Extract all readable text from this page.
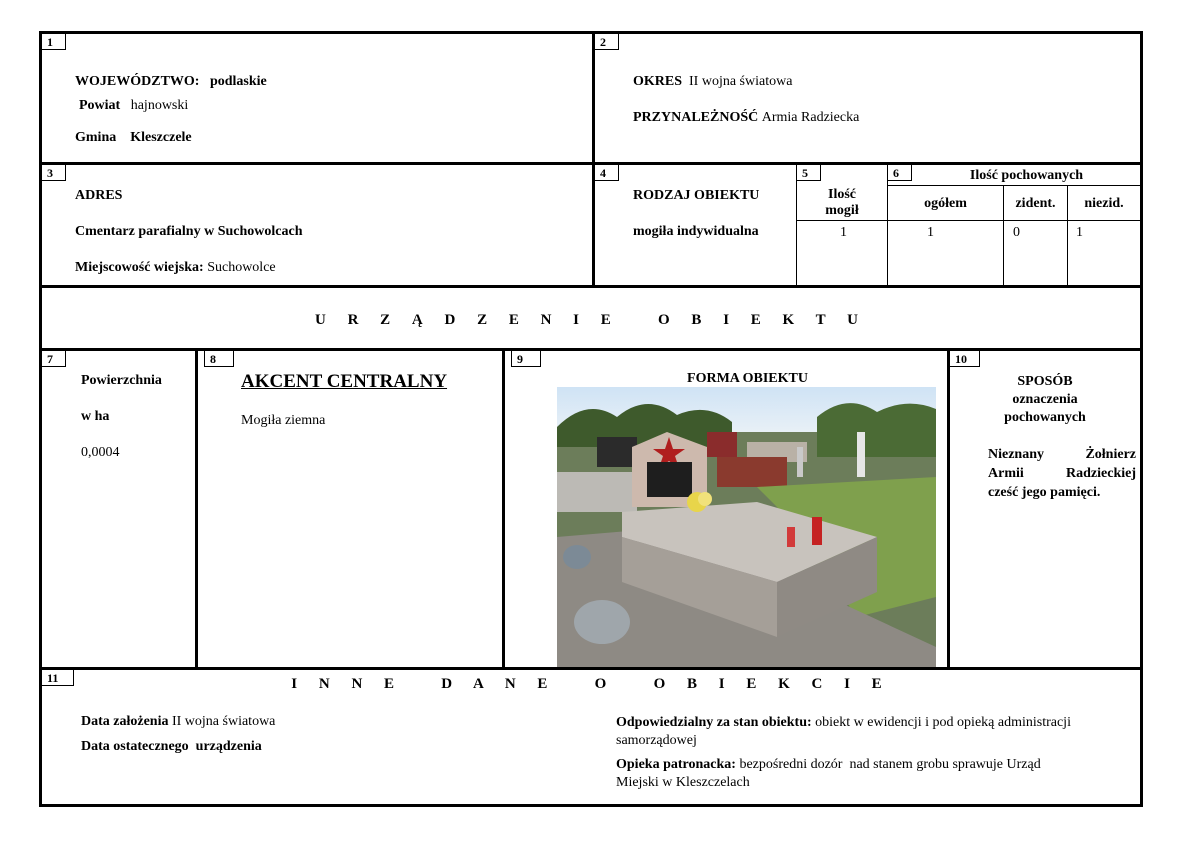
1
WOJEWÓDZTWO: podlaskie
Powiat hajnowski
Gmina Kleszczele
2
OKRES II wojna światowa
PRZYNALEŻNOŚĆ Armia Radziecka
3
ADRES
Cmentarz parafialny w Suchowolcach
Miejscowość wiejska: Suchowolce
4
RODZAJ OBIEKTU
mogiła indywidualna
5
Ilość
mogił
1
6	Ilość pochowanych
ogółem	zident.	niezid.
1	0	1
U R Z Ą D Z E N I E   O B I E K T U
7
Powierzchnia
w ha
0,0004
8
AKCENT CENTRALNY
Mogiła ziemna
9
FORMA OBIEKTU
10
SPOSÓB
oznaczenia
pochowanych
Nieznany	Żołnierz
Armii	Radzieckiej
cześć jego pamięci.
11	I N N E   D A N E   O   O B I E K C I E
Data założenia II wojna światowa
Data ostatecznego  urządzenia
Odpowiedzialny za stan obiektu: obiekt w ewidencji i pod opieką administracji
samorządowej
Opieka patronacka: bezpośredni dozór  nad stanem grobu sprawuje Urząd
Miejski w Kleszczelach
